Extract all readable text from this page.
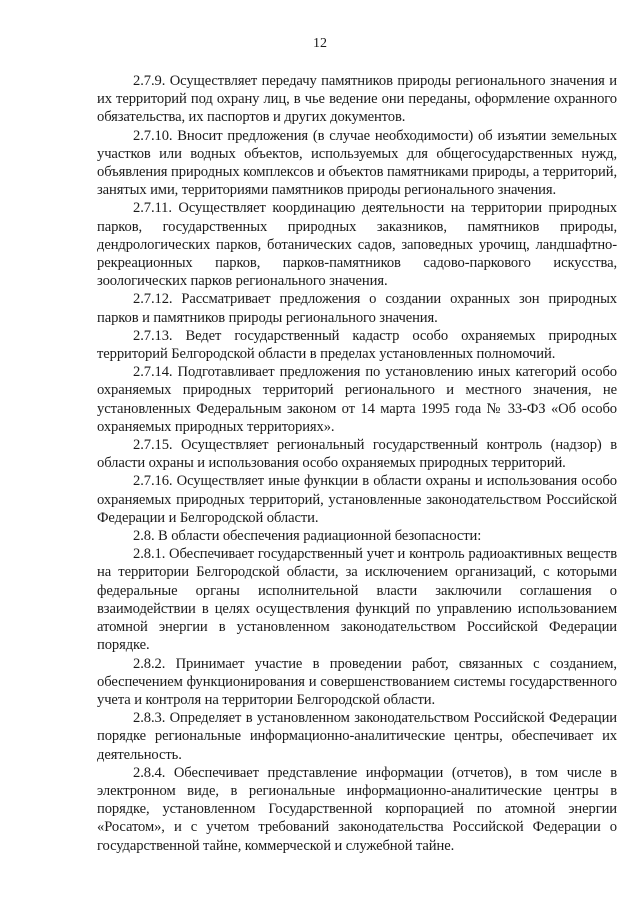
12

2.7.9. Осуществляет передачу памятников природы регионального значения и их территорий под охрану лиц, в чье ведение они переданы, оформление охранного обязательства, их паспортов и других документов.

2.7.10. Вносит предложения (в случае необходимости) об изъятии земельных участков или водных объектов, используемых для общегосударственных нужд, объявления природных комплексов и объектов памятниками природы, а территорий, занятых ими, территориями памятников природы регионального значения.

2.7.11. Осуществляет координацию деятельности на территории природных парков, государственных природных заказников, памятников природы, дендрологических парков, ботанических садов, заповедных урочищ, ландшафтно-рекреационных парков, парков-памятников садово-паркового искусства, зоологических парков регионального значения.

2.7.12. Рассматривает предложения о создании охранных зон природных парков и памятников природы регионального значения.

2.7.13. Ведет государственный кадастр особо охраняемых природных территорий Белгородской области в пределах установленных полномочий.

2.7.14. Подготавливает предложения по установлению иных категорий особо охраняемых природных территорий регионального и местного значения, не установленных Федеральным законом от 14 марта 1995 года № 33-ФЗ «Об особо охраняемых природных территориях».

2.7.15. Осуществляет региональный государственный контроль (надзор) в области охраны и использования особо охраняемых природных территорий.

2.7.16. Осуществляет иные функции в области охраны и использования особо охраняемых природных территорий, установленные законодательством Российской Федерации и Белгородской области.

2.8. В области обеспечения радиационной безопасности:

2.8.1. Обеспечивает государственный учет и контроль радиоактивных веществ на территории Белгородской области, за исключением организаций, с которыми федеральные органы исполнительной власти заключили соглашения о взаимодействии в целях осуществления функций по управлению использованием атомной энергии в установленном законодательством Российской Федерации порядке.

2.8.2. Принимает участие в проведении работ, связанных с созданием, обеспечением функционирования и совершенствованием системы государственного учета и контроля на территории Белгородской области.

2.8.3. Определяет в установленном законодательством Российской Федерации порядке региональные информационно-аналитические центры, обеспечивает их деятельность.

2.8.4. Обеспечивает представление информации (отчетов), в том числе в электронном виде, в региональные информационно-аналитические центры в порядке, установленном Государственной корпорацией по атомной энергии «Росатом», и с учетом требований законодательства Российской Федерации о государственной тайне, коммерческой и служебной тайне.
